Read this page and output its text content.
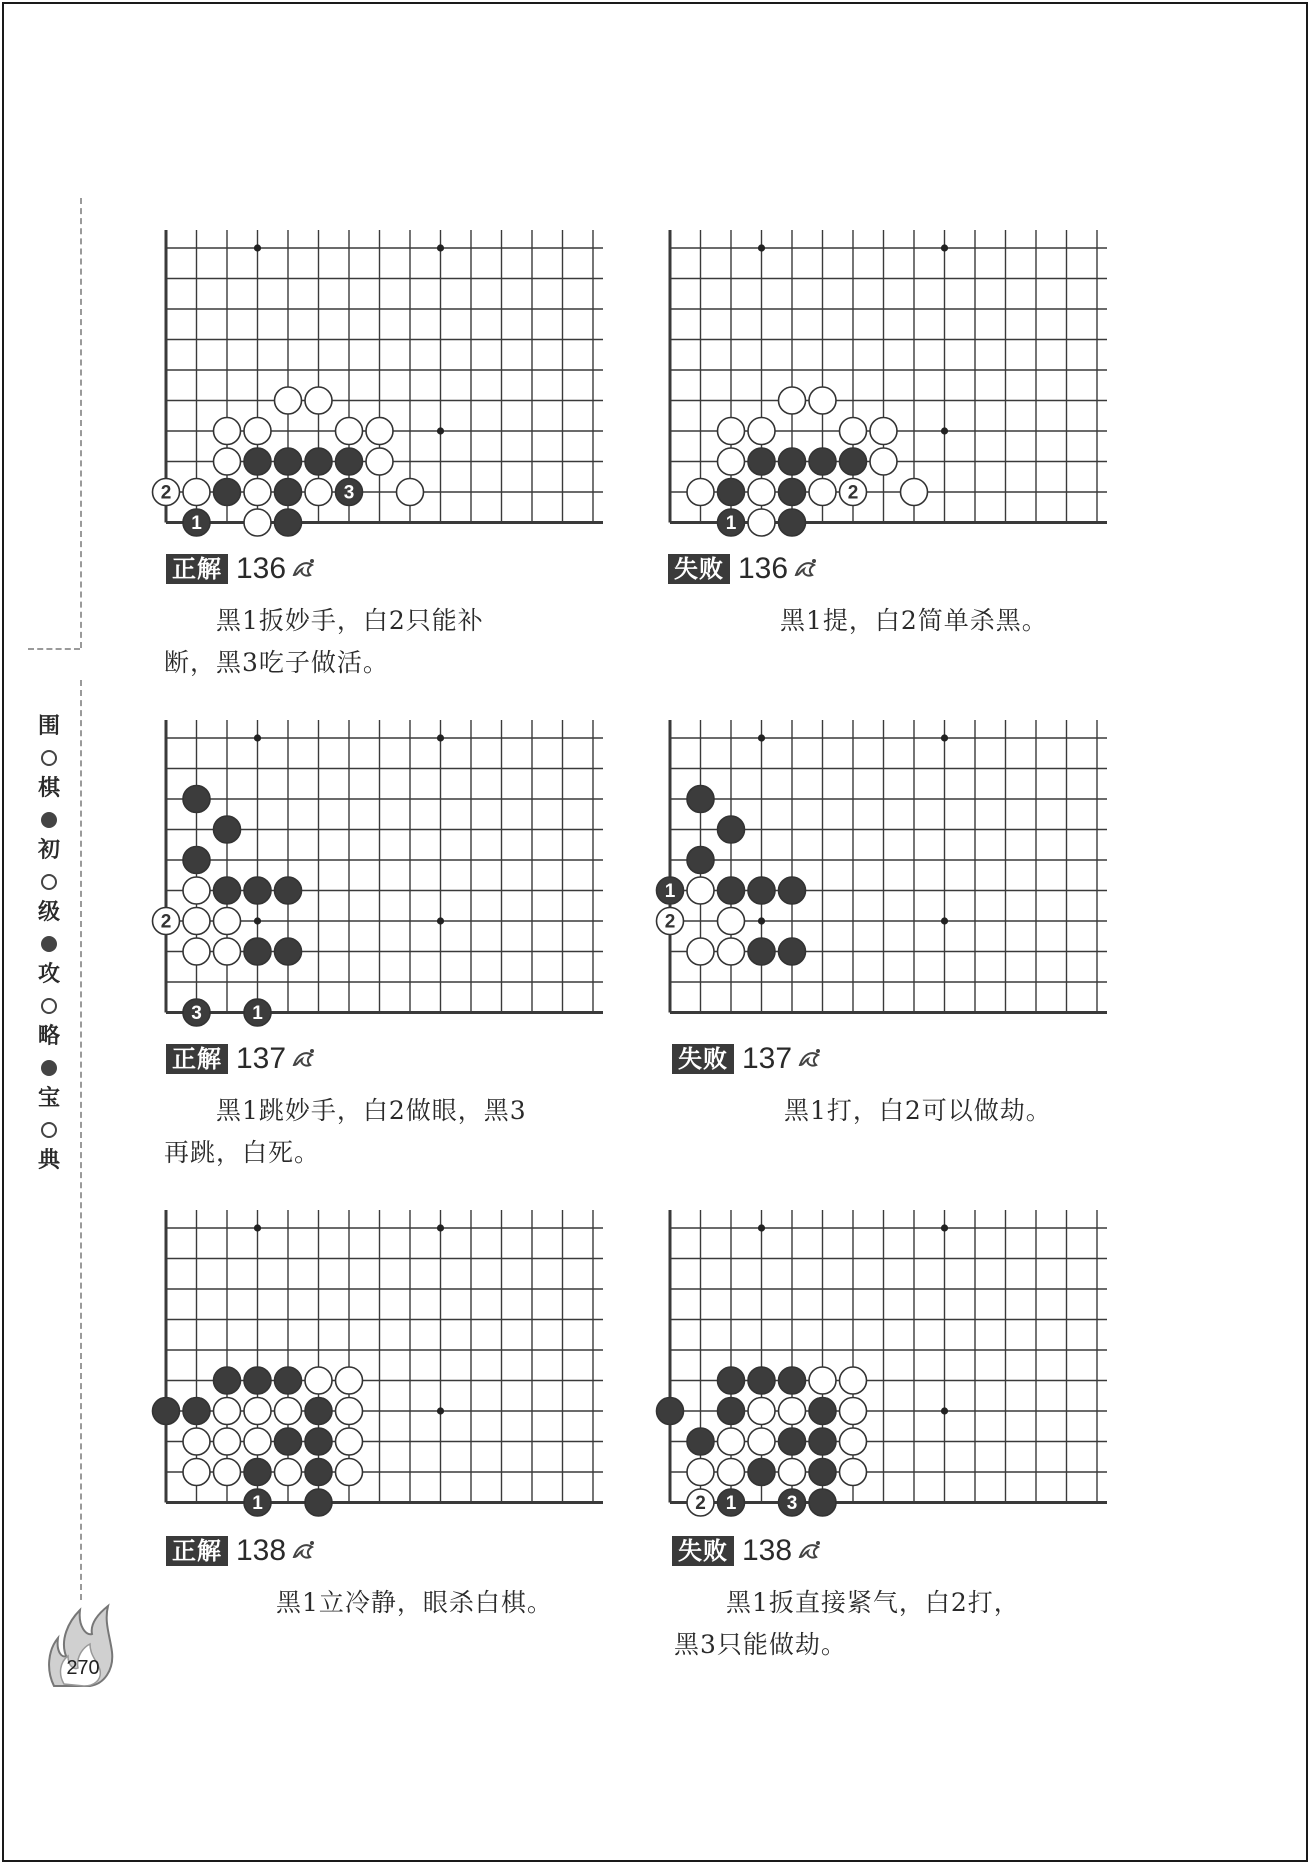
围
棋
初
级
攻
略
宝
典
270
2	3
1
正解 136
黑1扳妙手，白2只能补
断，黑3吃子做活。
2
1
失败 136
黑1提，白2简单杀黑。
2
3	1
正解 137
黑1跳妙手，白2做眼，黑3
再跳，白死。
1
2
失败 137
黑1打，白2可以做劫。
1
正解 138
黑1立冷静，眼杀白棋。
2 1	3
失败 138
黑1扳直接紧气，白2打，
黑3只能做劫。
